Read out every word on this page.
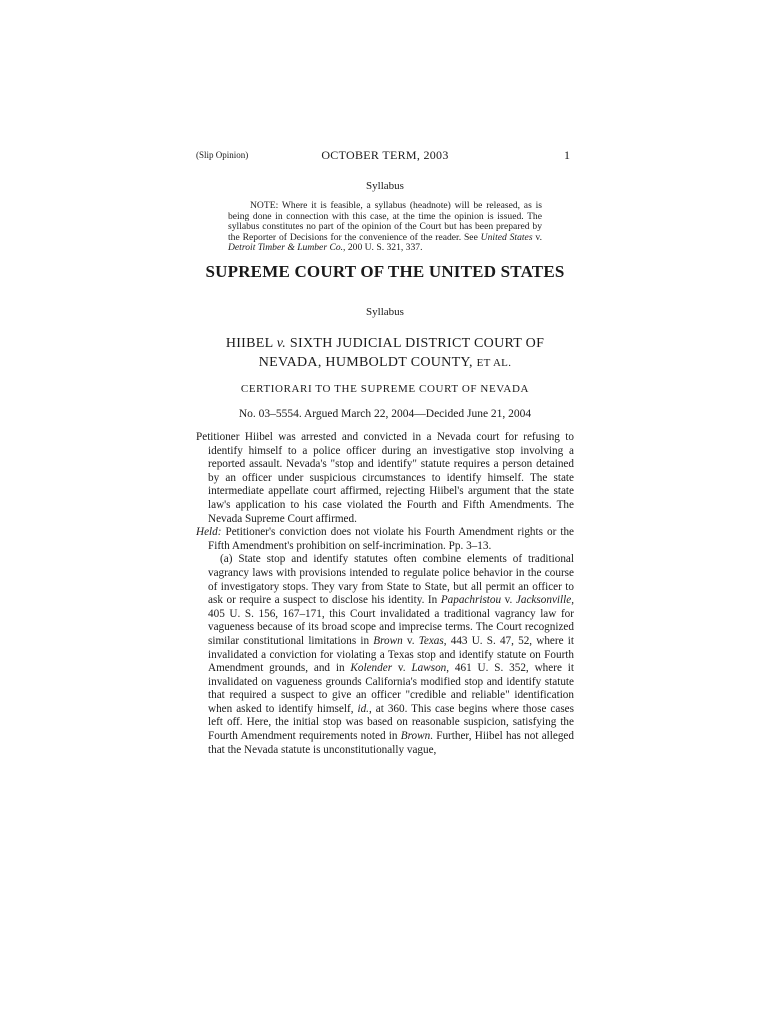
(Slip Opinion)	OCTOBER TERM, 2003	1
Syllabus
NOTE: Where it is feasible, a syllabus (headnote) will be released, as is being done in connection with this case, at the time the opinion is issued. The syllabus constitutes no part of the opinion of the Court but has been prepared by the Reporter of Decisions for the convenience of the reader. See United States v. Detroit Timber & Lumber Co., 200 U. S. 321, 337.
SUPREME COURT OF THE UNITED STATES
Syllabus
HIIBEL v. SIXTH JUDICIAL DISTRICT COURT OF
NEVADA, HUMBOLDT COUNTY, ET AL.
CERTIORARI TO THE SUPREME COURT OF NEVADA
No. 03–5554. Argued March 22, 2004—Decided June 21, 2004

Petitioner Hiibel was arrested and convicted in a Nevada court for refusing to identify himself to a police officer during an investigative stop involving a reported assault. Nevada's "stop and identify" statute requires a person detained by an officer under suspicious circumstances to identify himself. The state intermediate appellate court affirmed, rejecting Hiibel's argument that the state law's application to his case violated the Fourth and Fifth Amendments. The Nevada Supreme Court affirmed.

Held: Petitioner's conviction does not violate his Fourth Amendment rights or the Fifth Amendment's prohibition on self-incrimination. Pp. 3–13.

(a) State stop and identify statutes often combine elements of traditional vagrancy laws with provisions intended to regulate police behavior in the course of investigatory stops. They vary from State to State, but all permit an officer to ask or require a suspect to disclose his identity. In Papachristou v. Jacksonville, 405 U. S. 156, 167–171, this Court invalidated a traditional vagrancy law for vagueness because of its broad scope and imprecise terms. The Court recognized similar constitutional limitations in Brown v. Texas, 443 U. S. 47, 52, where it invalidated a conviction for violating a Texas stop and identify statute on Fourth Amendment grounds, and in Kolender v. Lawson, 461 U. S. 352, where it invalidated on vagueness grounds California's modified stop and identify statute that required a suspect to give an officer "credible and reliable" identification when asked to identify himself, id., at 360. This case begins where those cases left off. Here, the initial stop was based on reasonable suspicion, satisfying the Fourth Amendment requirements noted in Brown. Further, Hiibel has not alleged that the Nevada statute is unconstitutionally vague,
